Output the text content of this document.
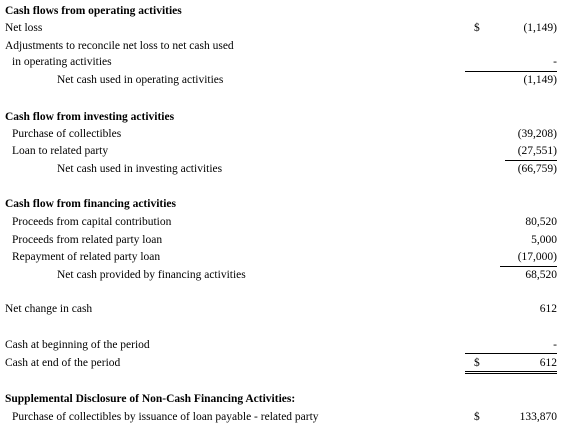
Cash flows from operating activities
Net loss	$	(1,149)
Adjustments to reconcile net loss to net cash used
in operating activities	-
Net cash used in operating activities	(1,149)
Cash flow from investing activities
Purchase of collectibles	(39,208)
Loan to related party	(27,551)
Net cash used in investing activities	(66,759)
Cash flow from financing activities
Proceeds from capital contribution	80,520
Proceeds from related party loan	5,000
Repayment of related party loan	(17,000)
Net cash provided by financing activities	68,520
Net change in cash	612
Cash at beginning of the period	-
Cash at end of the period	$	612
Supplemental Disclosure of Non-Cash Financing Activities:
Purchase of collectibles by issuance of loan payable - related party	$	133,870
